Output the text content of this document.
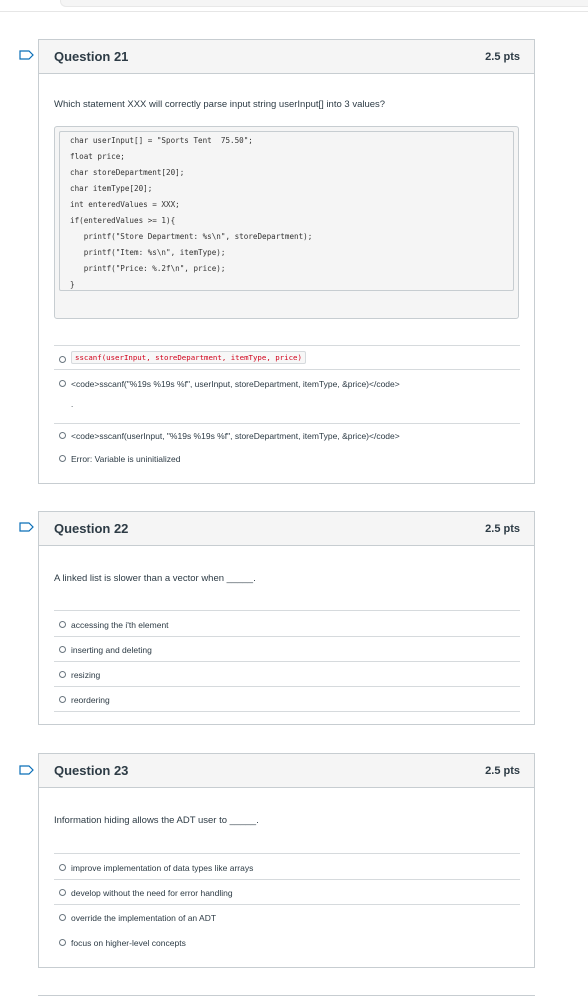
Question 21	2.5 pts
Which statement XXX will correctly parse input string userInput[] into 3 values?
char userInput[] = "Sports Tent  75.50";
float price;
char storeDepartment[20];
char itemType[20];
int enteredValues = XXX;
if(enteredValues >= 1){
printf("Store Department: %s\n", storeDepartment);
printf("Item: %s\n", itemType);
printf("Price: %.2f\n", price);
}
sscanf(userInput, storeDepartment, itemType, price)
<code>sscanf("%19s %19s %f", userInput, storeDepartment, itemType, &price)</code>
.
<code>sscanf(userInput, "%19s %19s %f", storeDepartment, itemType, &price)</code>
Error: Variable is uninitialized
Question 22	2.5 pts
A linked list is slower than a vector when _____.
accessing the i'th element
inserting and deleting
resizing
reordering
Question 23	2.5 pts
Information hiding allows the ADT user to _____.
improve implementation of data types like arrays
develop without the need for error handling
override the implementation of an ADT
focus on higher-level concepts
